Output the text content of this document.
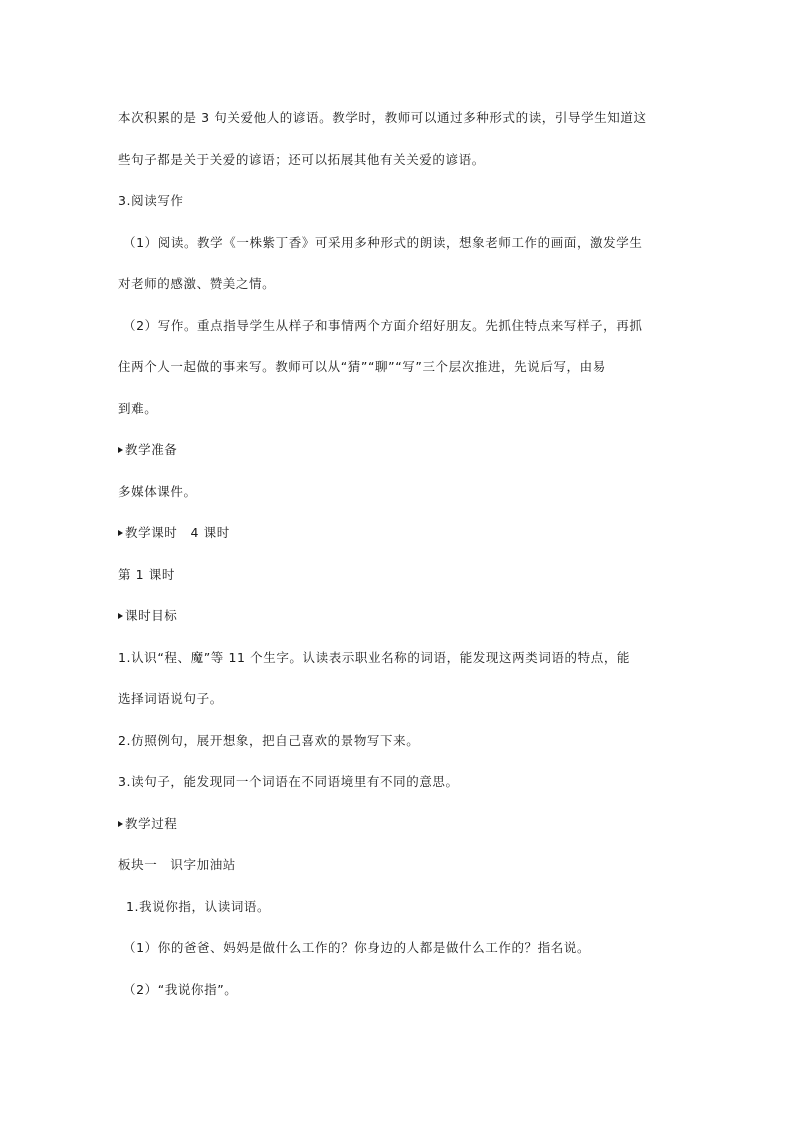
本次积累的是 3 句关爱他人的谚语。教学时，教师可以通过多种形式的读，引导学生知道这
些句子都是关于关爱的谚语；还可以拓展其他有关关爱的谚语。
3.阅读写作
（1）阅读。教学《一株紫丁香》可采用多种形式的朗读，想象老师工作的画面，激发学生
对老师的感激、赞美之情。
（2）写作。重点指导学生从样子和事情两个方面介绍好朋友。先抓住特点来写样子，再抓
住两个人一起做的事来写。教师可以从“猜”“聊”“写”三个层次推进，先说后写，由易
到难。
教学准备
多媒体课件。
教学课时　4 课时
第 1 课时
课时目标
1.认识“程、魔”等 11 个生字。认读表示职业名称的词语，能发现这两类词语的特点，能
选择词语说句子。
2.仿照例句，展开想象，把自己喜欢的景物写下来。
3.读句子，能发现同一个词语在不同语境里有不同的意思。
教学过程
板块一　识字加油站
1.我说你指，认读词语。
（1）你的爸爸、妈妈是做什么工作的？你身边的人都是做什么工作的？指名说。
（2）“我说你指”。
